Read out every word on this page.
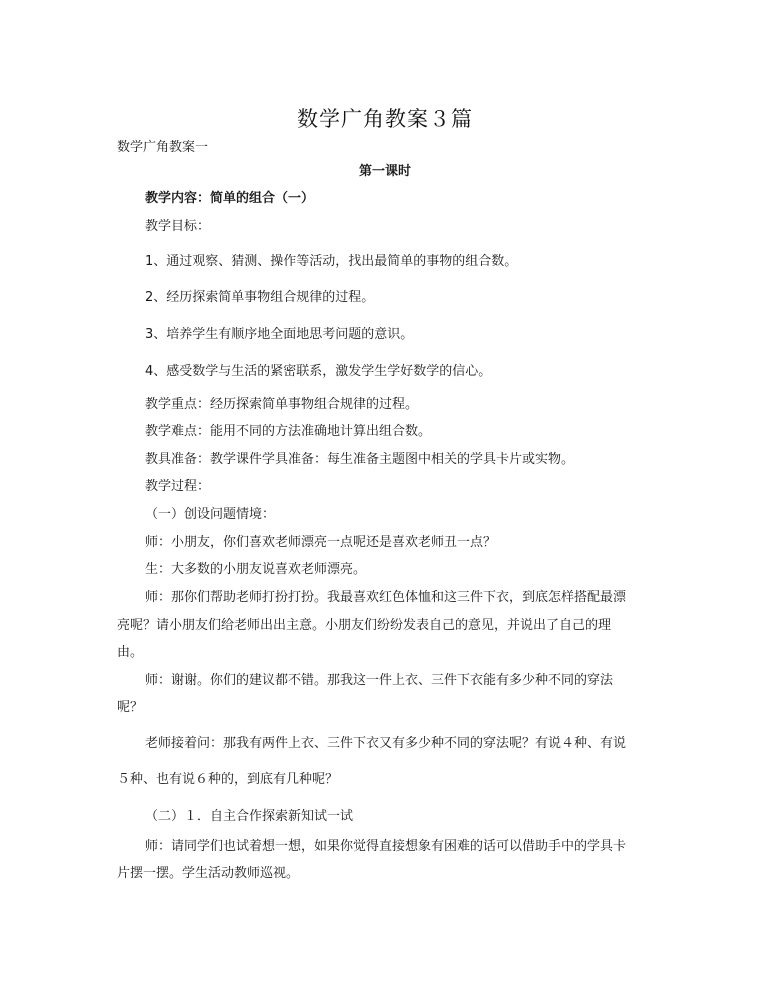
数学广角教案３篇
数学广角教案一
第一课时
教学内容：简单的组合（一）
教学目标：
1、通过观察、猜测、操作等活动，找出最简单的事物的组合数。
2、经历探索简单事物组合规律的过程。
3、培养学生有顺序地全面地思考问题的意识。
4、感受数学与生活的紧密联系，激发学生学好数学的信心。
教学重点：经历探索简单事物组合规律的过程。
教学难点：能用不同的方法准确地计算出组合数。
教具准备：教学课件学具准备：每生准备主题图中相关的学具卡片或实物。
教学过程：
（一）创设问题情境：
师：小朋友，你们喜欢老师漂亮一点呢还是喜欢老师丑一点？
生：大多数的小朋友说喜欢老师漂亮。
师：那你们帮助老师打扮打扮。我最喜欢红色体恤和这三件下衣，到底怎样搭配最漂
亮呢？请小朋友们给老师出出主意。小朋友们纷纷发表自己的意见，并说出了自己的理
由。
师：谢谢。你们的建议都不错。那我这一件上衣、三件下衣能有多少种不同的穿法
呢？
老师接着问：那我有两件上衣、三件下衣又有多少种不同的穿法呢？有说４种、有说
５种、也有说６种的，到底有几种呢？
（二）１．自主合作探索新知试一试
师：请同学们也试着想一想，如果你觉得直接想象有困难的话可以借助手中的学具卡
片摆一摆。学生活动教师巡视。
